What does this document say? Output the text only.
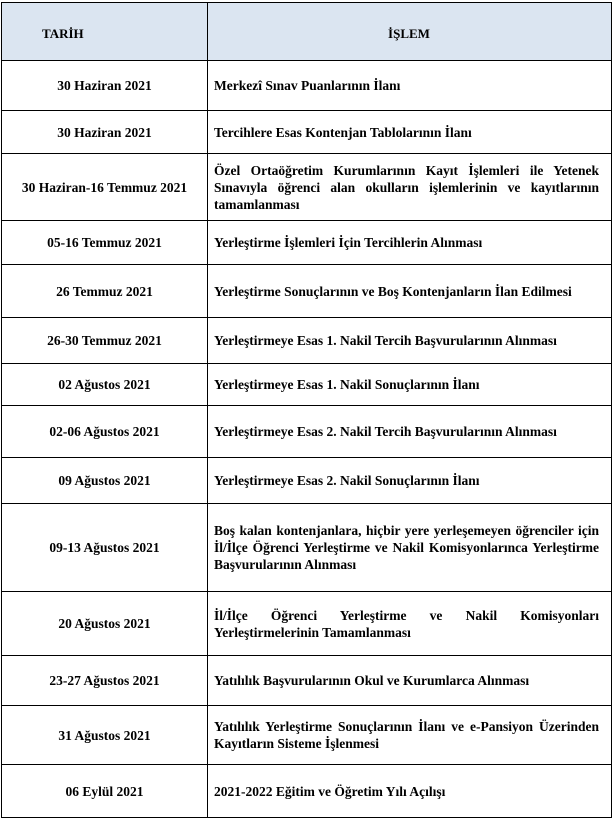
TARİH	İŞLEM
30 Haziran 2021	Merkezî Sınav Puanlarının İlanı
30 Haziran 2021	Tercihlere Esas Kontenjan Tablolarının İlanı
30 Haziran-16 Temmuz 2021	Özel Ortaöğretim Kurumlarının Kayıt İşlemleri ile Yetenek Sınavıyla öğrenci alan okulların işlemlerinin ve kayıtlarının tamamlanması
05-16 Temmuz 2021	Yerleştirme İşlemleri İçin Tercihlerin Alınması
26 Temmuz 2021	Yerleştirme Sonuçlarının ve Boş Kontenjanların İlan Edilmesi
26-30 Temmuz 2021	Yerleştirmeye Esas 1. Nakil Tercih Başvurularının Alınması
02 Ağustos 2021	Yerleştirmeye Esas 1. Nakil Sonuçlarının İlanı
02-06 Ağustos 2021	Yerleştirmeye Esas 2. Nakil Tercih Başvurularının Alınması
09 Ağustos 2021	Yerleştirmeye Esas 2. Nakil Sonuçlarının İlanı
09-13 Ağustos 2021	Boş kalan kontenjanlara, hiçbir yere yerleşemeyen öğrenciler için İl/İlçe Öğrenci Yerleştirme ve Nakil Komisyonlarınca Yerleştirme Başvurularının Alınması
20 Ağustos 2021	İl/İlçe Öğrenci Yerleştirme ve Nakil Komisyonları Yerleştirmelerinin Tamamlanması
23-27 Ağustos 2021	Yatılılık Başvurularının Okul ve Kurumlarca Alınması
31 Ağustos 2021	Yatılılık Yerleştirme Sonuçlarının İlanı ve e-Pansiyon Üzerinden Kayıtların Sisteme İşlenmesi
06 Eylül 2021	2021-2022 Eğitim ve Öğretim Yılı Açılışı
